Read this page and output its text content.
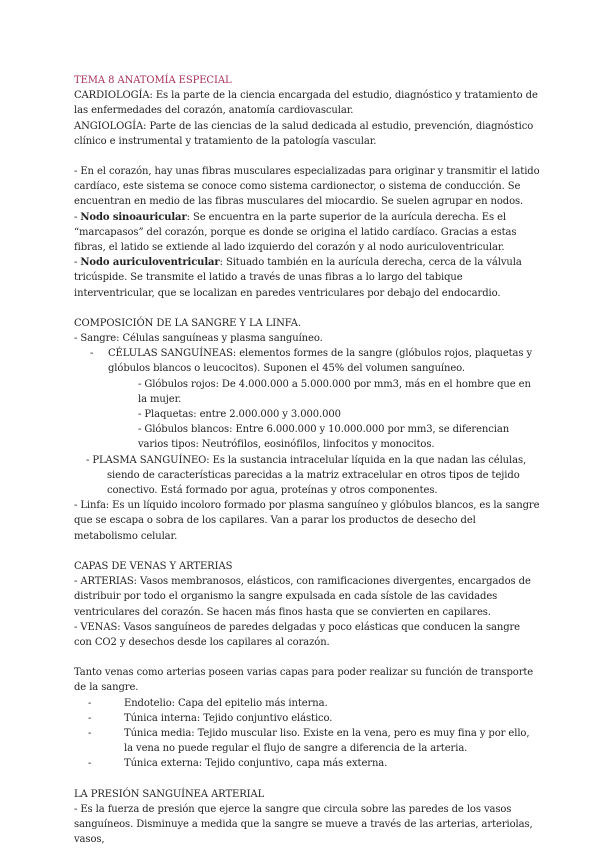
TEMA 8 ANATOMÍA ESPECIAL

CARDIOLOGÍA: Es la parte de la ciencia encargada del estudio, diagnóstico y tratamiento de las enfermedades del corazón, anatomía cardiovascular.

ANGIOLOGÍA: Parte de las ciencias de la salud dedicada al estudio, prevención, diagnóstico clínico e instrumental y tratamiento de la patología vascular.

- En el corazón, hay unas fibras musculares especializadas para originar y transmitir el latido cardíaco, este sistema se conoce como sistema cardionector, o sistema de conducción. Se encuentran en medio de las fibras musculares del miocardio. Se suelen agrupar en nodos.

- Nodo sinoauricular: Se encuentra en la parte superior de la aurícula derecha. Es el “marcapasos” del corazón, porque es donde se origina el latido cardíaco. Gracias a estas fibras, el latido se extiende al lado izquierdo del corazón y al nodo auriculoventricular.

- Nodo auriculoventricular: Situado también en la aurícula derecha, cerca de la válvula tricúspide. Se transmite el latido a través de unas fibras a lo largo del tabique interventricular, que se localizan en paredes ventriculares por debajo del endocardio.

COMPOSICIÓN DE LA SANGRE Y LA LINFA.

- Sangre: Células sanguíneas y plasma sanguíneo.

-	CÉLULAS SANGUÍNEAS: elementos formes de la sangre (glóbulos rojos, plaquetas y glóbulos blancos o leucocitos). Suponen el 45% del volumen sanguíneo.

- Glóbulos rojos: De 4.000.000 a 5.000.000 por mm3, más en el hombre que en la mujer.

- Plaquetas: entre 2.000.000 y 3.000.000

- Glóbulos blancos: Entre 6.000.000 y 10.000.000 por mm3, se diferencian varios tipos: Neutrófilos, eosinófilos, linfocitos y monocitos.

- PLASMA SANGUÍNEO: Es la sustancia intracelular líquida en la que nadan las células,

siendo de características parecidas a la matriz extracelular en otros tipos de tejido conectivo. Está formado por agua, proteínas y otros componentes.

- Linfa: Es un líquido incoloro formado por plasma sanguíneo y glóbulos blancos, es la sangre que se escapa o sobra de los capilares. Van a parar los productos de desecho del metabolismo celular.

CAPAS DE VENAS Y ARTERIAS

- ARTERIAS: Vasos membranosos, elásticos, con ramificaciones divergentes, encargados de distribuir por todo el organismo la sangre expulsada en cada sístole de las cavidades ventriculares del corazón. Se hacen más finos hasta que se convierten en capilares.

- VENAS: Vasos sanguíneos de paredes delgadas y poco elásticas que conducen la sangre con CO2 y desechos desde los capilares al corazón.

Tanto venas como arterias poseen varias capas para poder realizar su función de transporte de la sangre.

-	Endotelio: Capa del epitelio más interna.
-	Túnica interna: Tejido conjuntivo elástico.
-	Túnica media: Tejido muscular liso. Existe en la vena, pero es muy fina y por ello, la vena no puede regular el flujo de sangre a diferencia de la arteria.
-	Túnica externa: Tejido conjuntivo, capa más externa.

LA PRESIÓN SANGUÍNEA ARTERIAL

- Es la fuerza de presión que ejerce la sangre que circula sobre las paredes de los vasos sanguíneos. Disminuye a medida que la sangre se mueve a través de las arterias, arteriolas, vasos,
